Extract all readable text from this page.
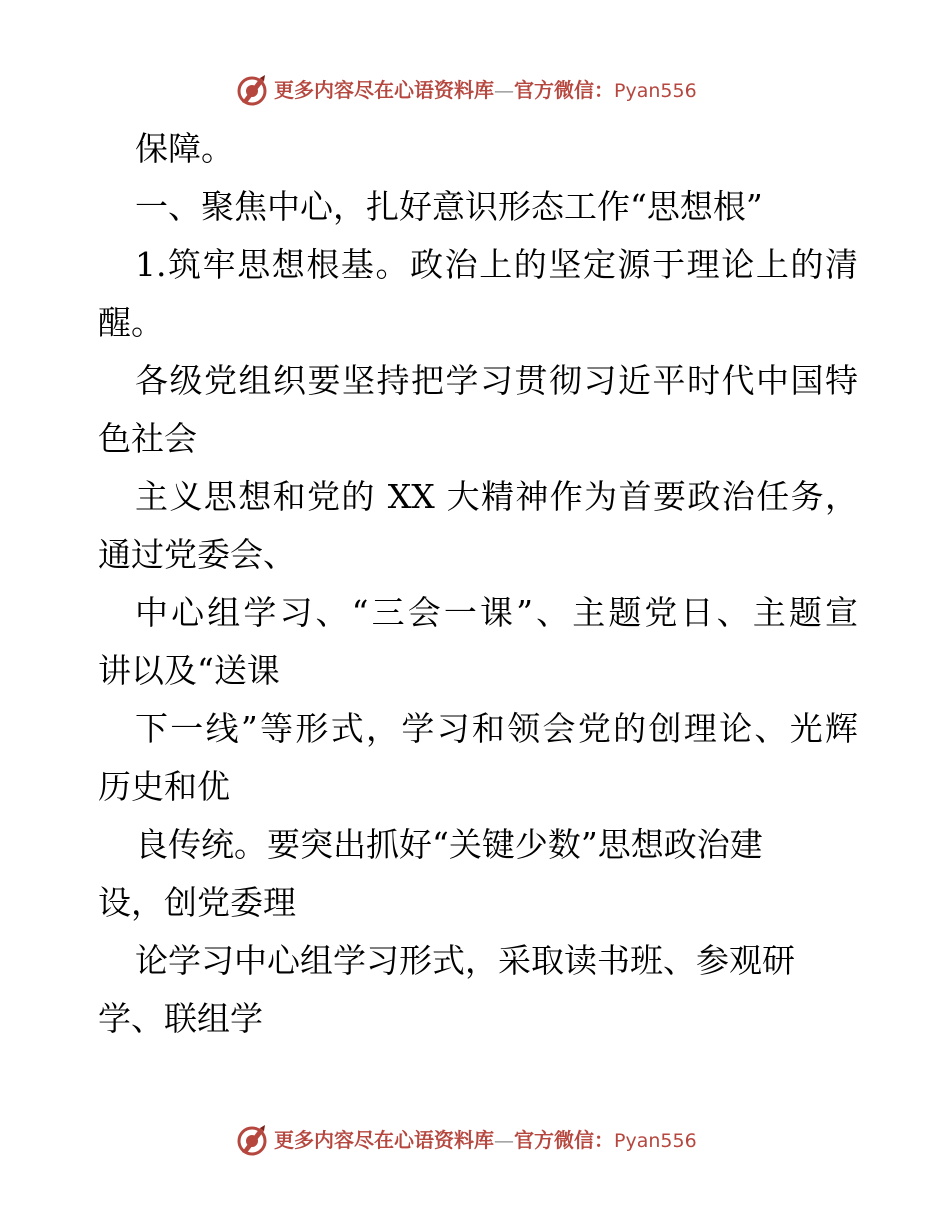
更多内容尽在心语资料库—官方微信：Pyan556

保障。

一、聚焦中心，扎好意识形态工作“思想根”

1.筑牢思想根基。政治上的坚定源于理论上的清

醒。

各级党组织要坚持把学习贯彻习近平时代中国特

色社会

主义思想和党的 XX 大精神作为首要政治任务，

通过党委会、

中心组学习、“三会一课”、主题党日、主题宣

讲以及“送课

下一线”等形式，学习和领会党的创理论、光辉

历史和优

良传统。要突出抓好“关键少数”思想政治建

设，创党委理

论学习中心组学习形式，采取读书班、参观研

学、联组学

更多内容尽在心语资料库—官方微信：Pyan556
